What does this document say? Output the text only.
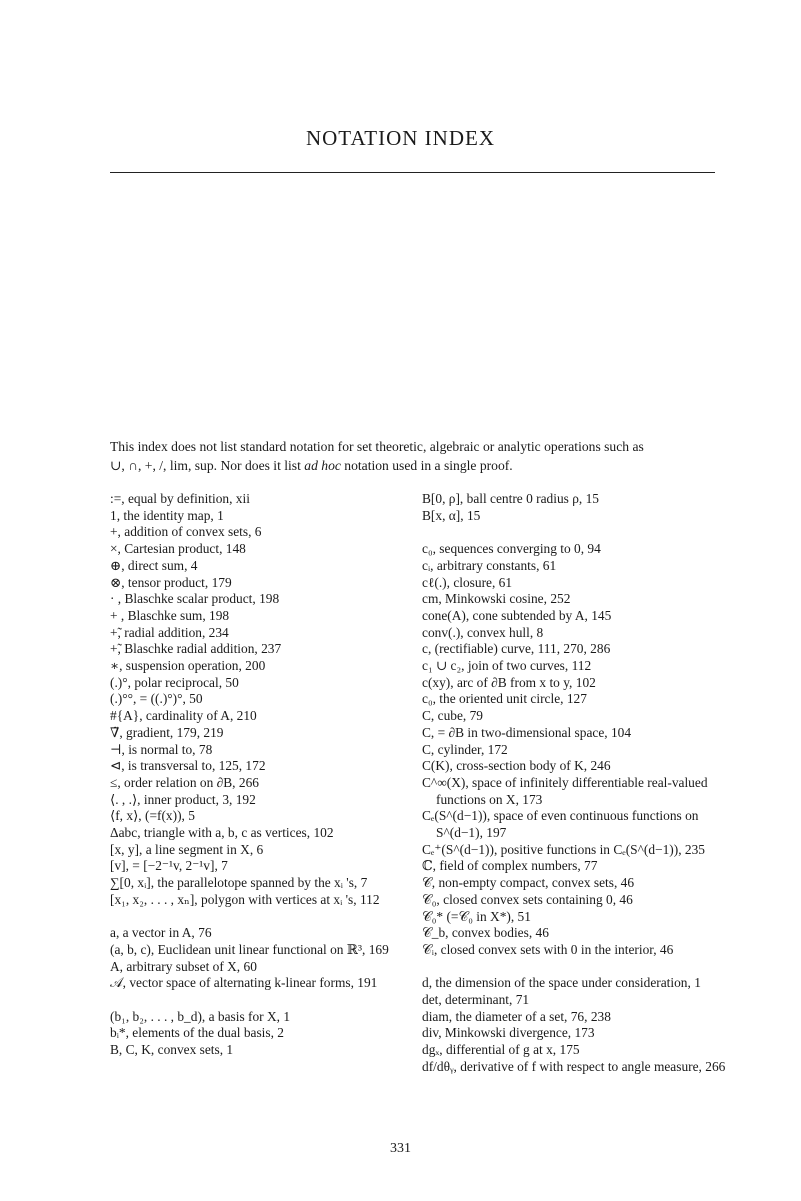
NOTATION INDEX

This index does not list standard notation for set theoretic, algebraic or analytic operations such as

∪, ∩, +, /, lim, sup. Nor does it list ad hoc notation used in a single proof.

:=, equal by definition, xii

1, the identity map, 1

+, addition of convex sets, 6

×, Cartesian product, 148

⊕, direct sum, 4

⊗, tensor product, 179

· , Blaschke scalar product, 198

+ , Blaschke sum, 198

+̃, radial addition, 234

+̃, Blaschke radial addition, 237

∗, suspension operation, 200

(.)°, polar reciprocal, 50

(.)°°, = ((.)°)°, 50

#{A}, cardinality of A, 210

∇̃, gradient, 179, 219

⊣, is normal to, 78

⊲, is transversal to, 125, 172

≤, order relation on ∂B, 266

⟨. , .⟩, inner product, 3, 192

⟨f, x⟩, (=f(x)), 5

Δabc, triangle with a, b, c as vertices, 102

[x, y], a line segment in X, 6

[v], = [−2⁻¹v, 2⁻¹v], 7

∑[0, xᵢ], the parallelotope spanned by the xᵢ 's, 7

[x₁, x₂, . . . , xₙ], polygon with vertices at xᵢ 's, 112

a, a vector in A, 76

(a, b, c), Euclidean unit linear functional on ℝ³, 169

A, arbitrary subset of X, 60

𝒜, vector space of alternating k-linear forms, 191

(b₁, b₂, . . . , b_d), a basis for X, 1

bᵢ*, elements of the dual basis, 2

B, C, K, convex sets, 1

B[0, ρ], ball centre 0 radius ρ, 15

B[x, α], 15

c₀, sequences converging to 0, 94

cᵢ, arbitrary constants, 61

cℓ(.), closure, 61

cm, Minkowski cosine, 252

cone(A), cone subtended by A, 145

conv(.), convex hull, 8

c, (rectifiable) curve, 111, 270, 286

c₁ ∪ c₂, join of two curves, 112

c(xy), arc of ∂B from x to y, 102

c₀, the oriented unit circle, 127

C, cube, 79

C, = ∂B in two-dimensional space, 104

C, cylinder, 172

C(K), cross-section body of K, 246

C^∞(X), space of infinitely differentiable real-valued functions on X, 173

Cₑ(S^(d−1)), space of even continuous functions on S^(d−1), 197

Cₑ⁺(S^(d−1)), positive functions in Cₑ(S^(d−1)), 235

ℂ, field of complex numbers, 77

𝒞, non-empty compact, convex sets, 46

𝒞₀, closed convex sets containing 0, 46

𝒞₀* (=𝒞₀ in X*), 51

𝒞_b, convex bodies, 46

𝒞ᵢ, closed convex sets with 0 in the interior, 46

d, the dimension of the space under consideration, 1

det, determinant, 71

diam, the diameter of a set, 76, 238

div, Minkowski divergence, 173

dgₓ, differential of g at x, 175

df/dθᵧ, derivative of f with respect to angle measure, 266

331
